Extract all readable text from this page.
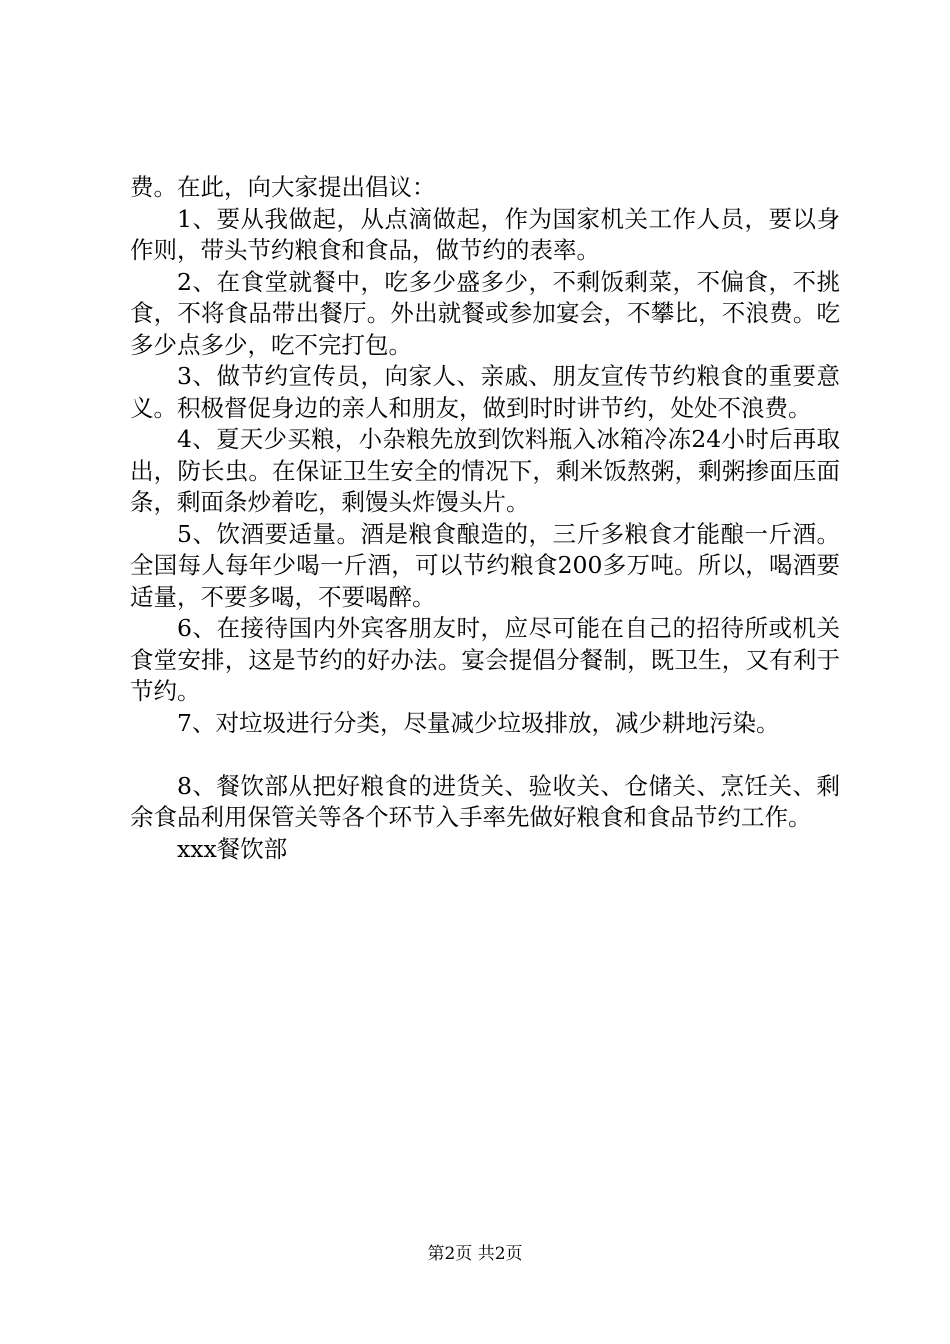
费。在此，向大家提出倡议：

1、要从我做起，从点滴做起，作为国家机关工作人员，要以身作则，带头节约粮食和食品，做节约的表率。

2、在食堂就餐中，吃多少盛多少，不剩饭剩菜，不偏食，不挑食，不将食品带出餐厅。外出就餐或参加宴会，不攀比，不浪费。吃多少点多少，吃不完打包。

3、做节约宣传员，向家人、亲戚、朋友宣传节约粮食的重要意义。积极督促身边的亲人和朋友，做到时时讲节约，处处不浪费。

4、夏天少买粮，小杂粮先放到饮料瓶入冰箱冷冻24小时后再取出，防长虫。在保证卫生安全的情况下，剩米饭熬粥，剩粥掺面压面条，剩面条炒着吃，剩馒头炸馒头片。

5、饮酒要适量。酒是粮食酿造的，三斤多粮食才能酿一斤酒。全国每人每年少喝一斤酒，可以节约粮食200多万吨。所以，喝酒要适量，不要多喝，不要喝醉。

6、在接待国内外宾客朋友时，应尽可能在自己的招待所或机关食堂安排，这是节约的好办法。宴会提倡分餐制，既卫生，又有利于节约。

7、对垃圾进行分类，尽量减少垃圾排放，减少耕地污染。

8、餐饮部从把好粮食的进货关、验收关、仓储关、烹饪关、剩余食品利用保管关等各个环节入手率先做好粮食和食品节约工作。

xxx餐饮部

第2页 共2页
